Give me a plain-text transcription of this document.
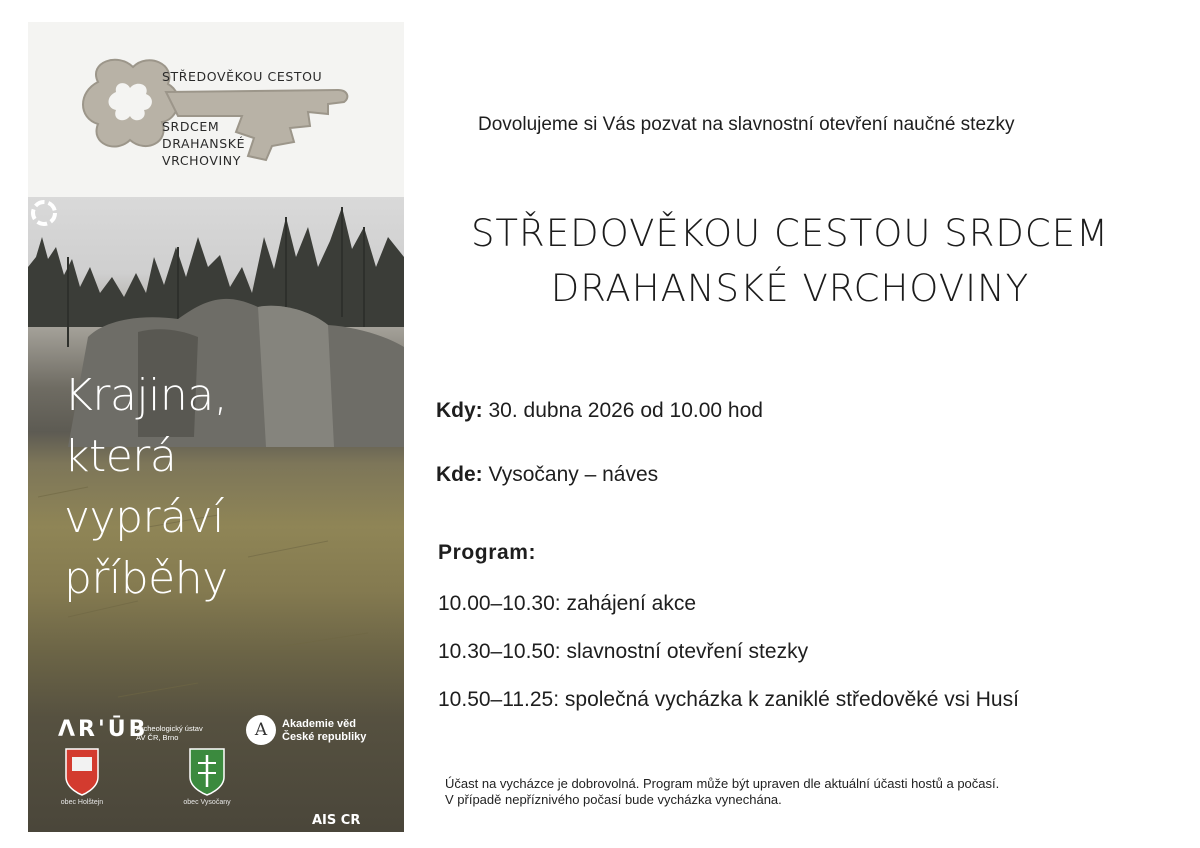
STŘEDOVĚKOU CESTOU
SRDCEM
DRAHANSKÉ
VRCHOVINY
Krajina,
která
vypráví
příběhy
ΛR'ŪB
Archeologický ústav
AV ČR, Brno	A	Akademie věd
České republiky
obec Holštejn	obec Vysočany
AIS CR
Dovolujeme si Vás pozvat na slavnostní otevření naučné stezky
STŘEDOVĚKOU CESTOU SRDCEM
DRAHANSKÉ VRCHOVINY
Kdy: 30. dubna 2026 od 10.00 hod
Kde: Vysočany – náves
Program:
10.00–10.30: zahájení akce
10.30–10.50: slavnostní otevření stezky
10.50–11.25: společná vycházka k zaniklé středověké vsi Husí
Účast na vycházce je dobrovolná. Program může být upraven dle aktuální účasti hostů a počasí.
V případě nepříznivého počasí bude vycházka vynechána.
